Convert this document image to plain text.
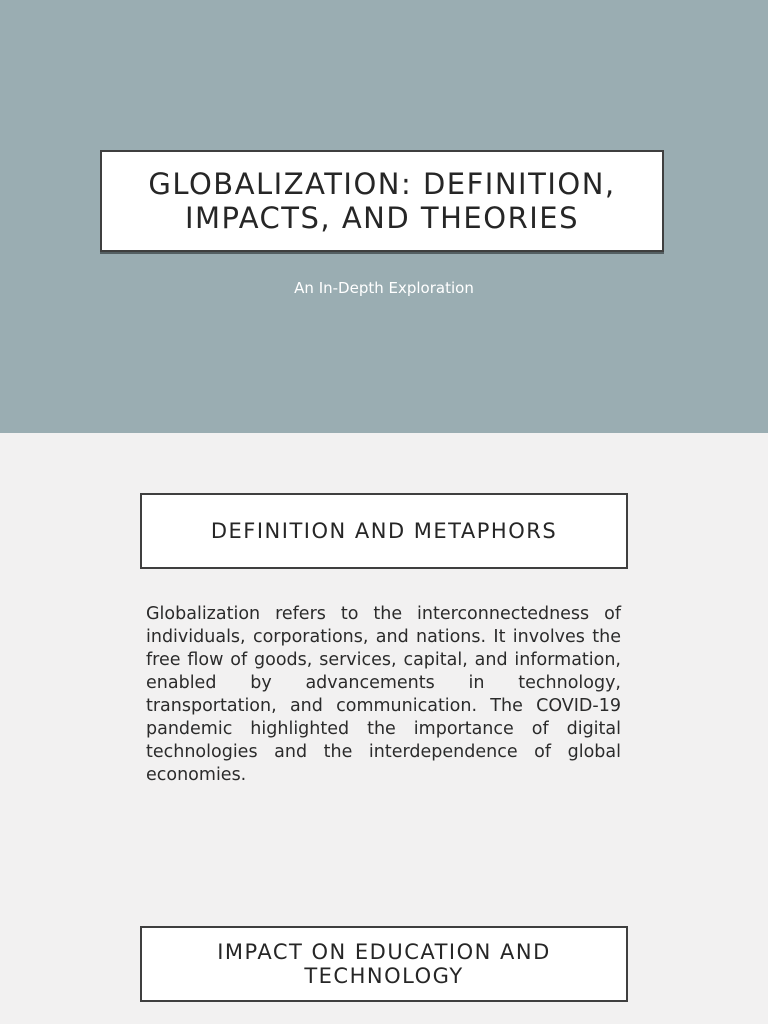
GLOBALIZATION: DEFINITION, IMPACTS, AND THEORIES
An In-Depth Exploration
DEFINITION AND METAPHORS

Globalization refers to the interconnectedness of individuals, corporations, and nations. It involves the free flow of goods, services, capital, and information, enabled by advancements in technology, transportation, and communication. The COVID-19 pandemic highlighted the importance of digital technologies and the interdependence of global economies.

IMPACT ON EDUCATION AND TECHNOLOGY
